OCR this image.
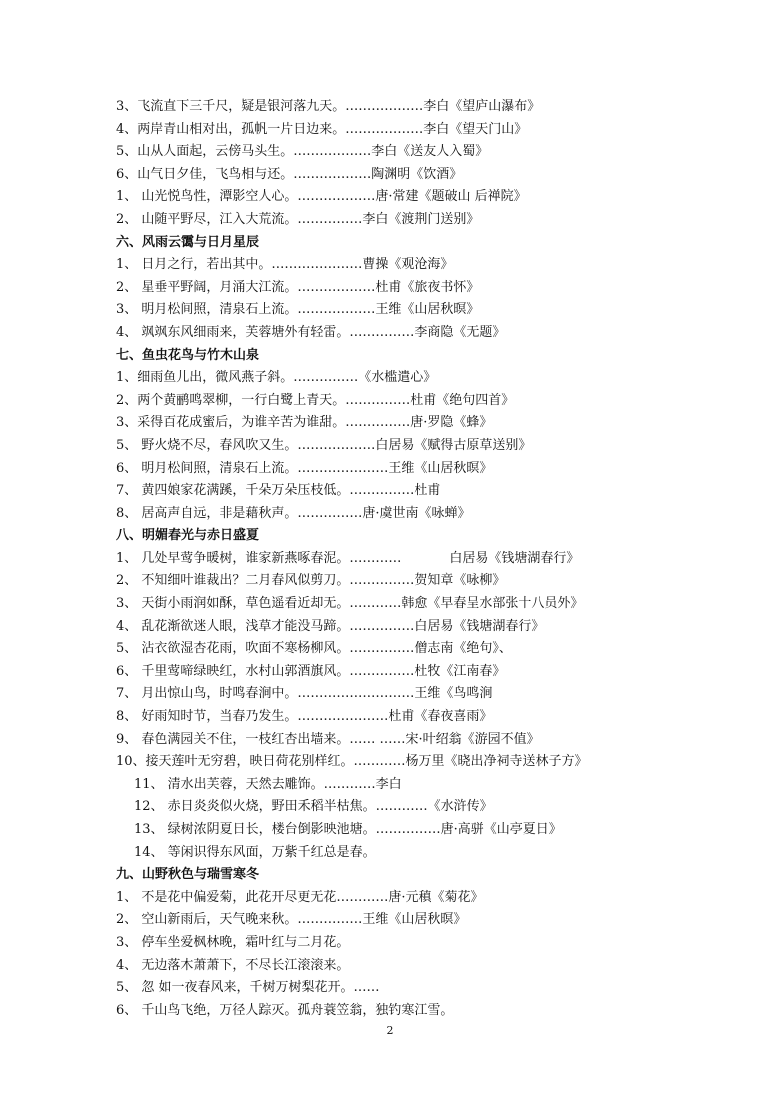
3、飞流直下三千尺，疑是银河落九天。………………李白《望庐山瀑布》
4、两岸青山相对出，孤帆一片日边来。………………李白《望天门山》
5、山从人面起，云傍马头生。………………李白《送友人入蜀》
6、山气日夕佳，飞鸟相与还。………………陶渊明《饮酒》
1、 山光悦鸟性，潭影空人心。………………唐·常建《题破山 后禅院》
2、 山随平野尽，江入大荒流。……………李白《渡荆门送别》
六、风雨云霭与日月星辰
1、 日月之行，若出其中。…………………曹操《观沧海》
2、 星垂平野阔，月涌大江流。………………杜甫《旅夜书怀》
3、 明月松间照，清泉石上流。………………王维《山居秋暝》
4、 飒飒东风细雨来，芙蓉塘外有轻雷。……………李商隐《无题》
七、鱼虫花鸟与竹木山泉
1、细雨鱼儿出，微风燕子斜。……………《水槛遣心》
2、两个黄鹂鸣翠柳，一行白鹭上青天。……………杜甫《绝句四首》
3、采得百花成蜜后，为谁辛苦为谁甜。……………唐·罗隐《蜂》
5、 野火烧不尽，春风吹又生。………………白居易《赋得古原草送别》
6、 明月松间照，清泉石上流。…………………王维《山居秋暝》
7、 黄四娘家花满蹊，千朵万朵压枝低。……………杜甫
8、 居高声自远，非是藉秋声。……………唐·虞世南《咏蝉》
八、明媚春光与赤日盛夏
1、 几处早莺争暖树，谁家新燕啄春泥。…………	白居易《钱塘湖春行》
2、 不知细叶谁裁出？二月春风似剪刀。……………贺知章《咏柳》
3、 天街小雨润如酥，草色遥看近却无。…………韩愈《早春呈水部张十八员外》
4、 乱花渐欲迷人眼，浅草才能没马蹄。……………白居易《钱塘湖春行》
5、 沾衣欲湿杏花雨，吹面不寒杨柳风。……………僧志南《绝句》、
6、 千里莺啼绿映红，水村山郭酒旗风。……………杜牧《江南春》
7、 月出惊山鸟，时鸣春涧中。………………………王维《鸟鸣涧
8、 好雨知时节，当春乃发生。…………………杜甫《春夜喜雨》
9、 春色满园关不住，一枝红杏出墙来。…… ……宋·叶绍翁《游园不值》
10、接天莲叶无穷碧，映日荷花别样红。…………杨万里《晓出净祠寺送林子方》
11、 清水出芙蓉，天然去雕饰。…………李白
12、 赤日炎炎似火烧，野田禾稻半枯焦。…………《水浒传》
13、 绿树浓阴夏日长，楼台倒影映池塘。……………唐·高骈《山亭夏日》
14、 等闲识得东风面，万紫千红总是春。
九、山野秋色与瑞雪寒冬
1、 不是花中偏爱菊，此花开尽更无花…………唐·元稹《菊花》
2、 空山新雨后，天气晚来秋。……………王维《山居秋暝》
3、 停车坐爱枫林晚，霜叶红与二月花。
4、 无边落木萧萧下，不尽长江滚滚来。
5、 忽 如一夜春风来，千树万树梨花开。……
6、 千山鸟飞绝，万径人踪灭。孤舟蓑笠翁，独钓寒江雪。
2
